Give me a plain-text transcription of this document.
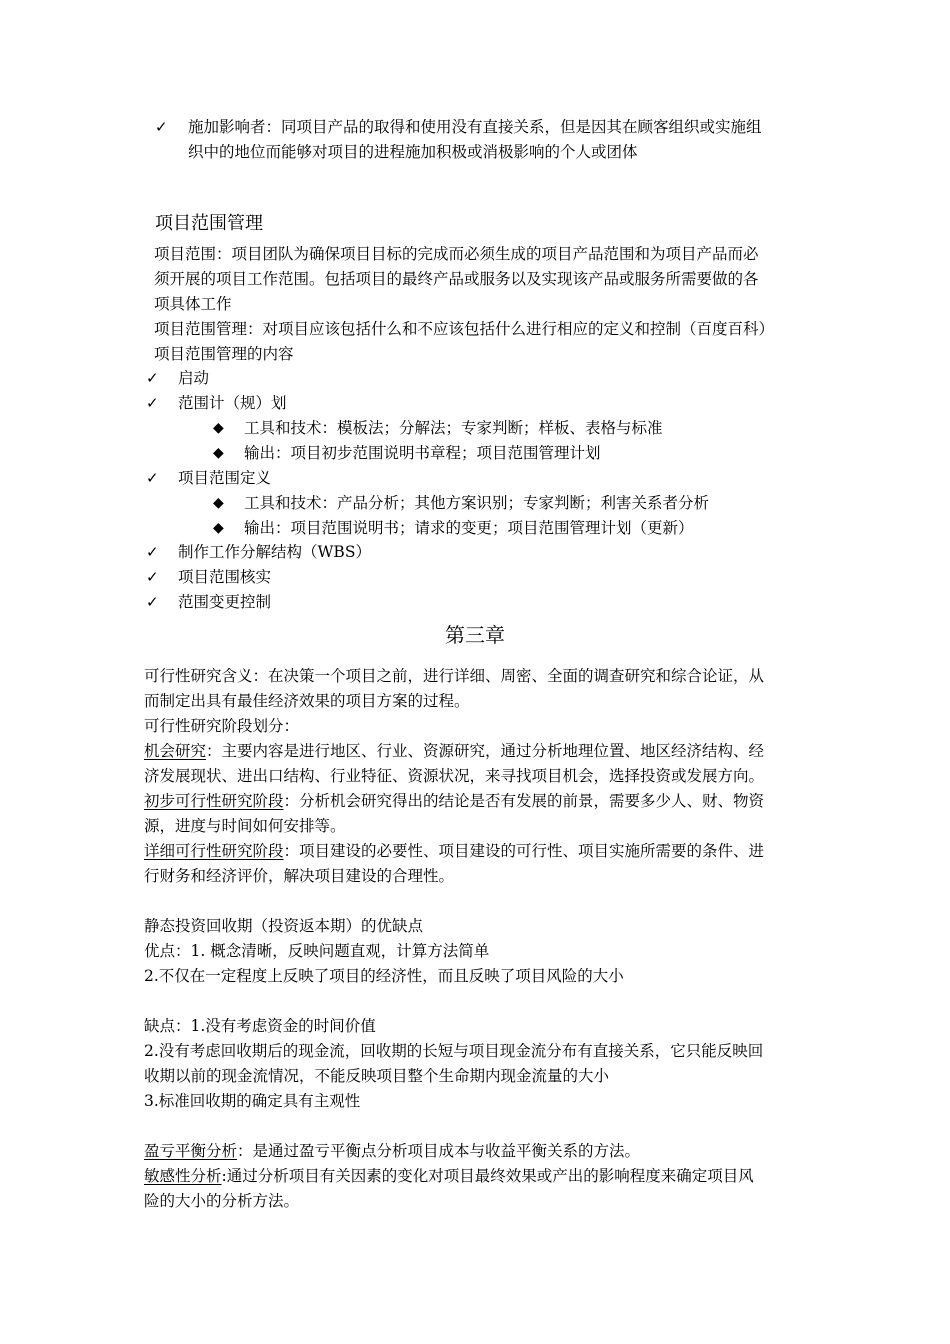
✓ 施加影响者：同项目产品的取得和使用没有直接关系，但是因其在顾客组织或实施组
织中的地位而能够对项目的进程施加积极或消极影响的个人或团体
项目范围管理
项目范围：项目团队为确保项目目标的完成而必须生成的项目产品范围和为项目产品而必
须开展的项目工作范围。包括项目的最终产品或服务以及实现该产品或服务所需要做的各
项具体工作
项目范围管理：对项目应该包括什么和不应该包括什么进行相应的定义和控制（百度百科）
项目范围管理的内容
✓ 启动
✓ 范围计（规）划
◆ 工具和技术：模板法；分解法；专家判断；样板、表格与标准
◆ 输出：项目初步范围说明书章程；项目范围管理计划
✓ 项目范围定义
◆ 工具和技术：产品分析；其他方案识别；专家判断；利害关系者分析
◆ 输出：项目范围说明书；请求的变更；项目范围管理计划（更新）
✓ 制作工作分解结构（WBS）
✓ 项目范围核实
✓ 范围变更控制
第三章
可行性研究含义：在决策一个项目之前，进行详细、周密、全面的调查研究和综合论证，从
而制定出具有最佳经济效果的项目方案的过程。
可行性研究阶段划分：
机会研究：主要内容是进行地区、行业、资源研究，通过分析地理位置、地区经济结构、经
济发展现状、进出口结构、行业特征、资源状况，来寻找项目机会，选择投资或发展方向。
初步可行性研究阶段：分析机会研究得出的结论是否有发展的前景，需要多少人、财、物资
源，进度与时间如何安排等。
详细可行性研究阶段：项目建设的必要性、项目建设的可行性、项目实施所需要的条件、进
行财务和经济评价，解决项目建设的合理性。
静态投资回收期（投资返本期）的优缺点
优点：1. 概念清晰，反映问题直观，计算方法简单
2.不仅在一定程度上反映了项目的经济性，而且反映了项目风险的大小
缺点：1.没有考虑资金的时间价值
2.没有考虑回收期后的现金流，回收期的长短与项目现金流分布有直接关系，它只能反映回
收期以前的现金流情况，不能反映项目整个生命期内现金流量的大小
3.标准回收期的确定具有主观性
盈亏平衡分析：是通过盈亏平衡点分析项目成本与收益平衡关系的方法。
敏感性分析:通过分析项目有关因素的变化对项目最终效果或产出的影响程度来确定项目风
险的大小的分析方法。
